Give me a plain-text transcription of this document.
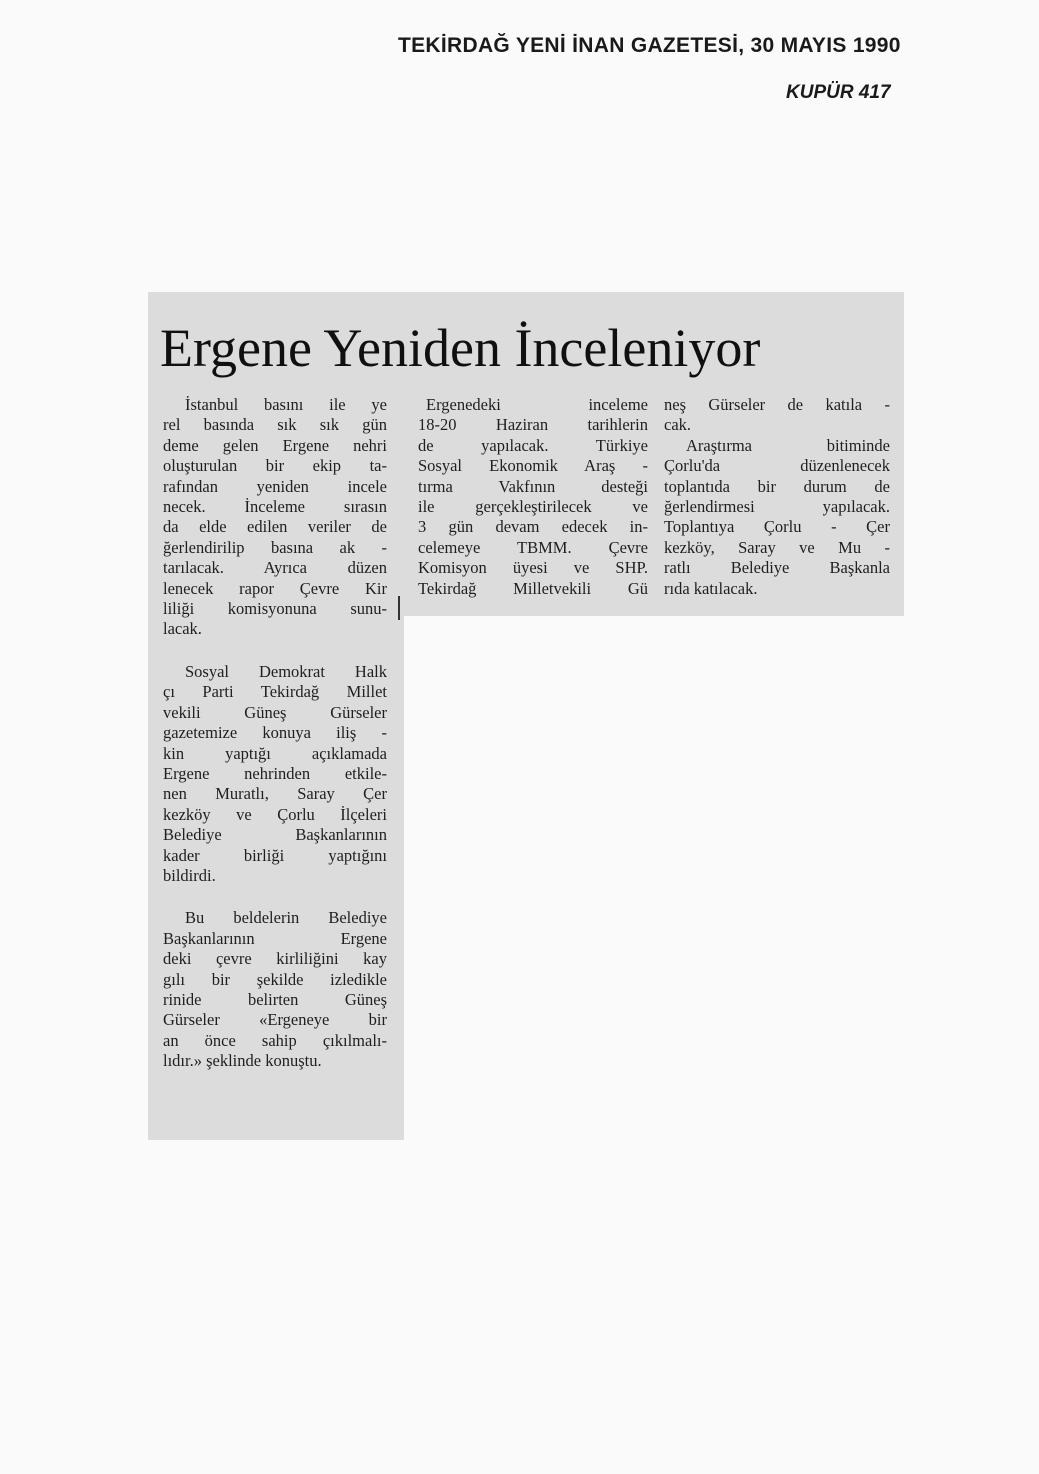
TEKİRDAĞ YENİ İNAN GAZETESİ, 30 MAYIS 1990
KUPÜR 417
Ergene Yeniden İnceleniyor
İstanbul basını ile ye
rel basında sık sık gün
deme gelen Ergene nehri
oluşturulan bir ekip ta-
rafından yeniden incele
necek. İnceleme sırasın
da elde edilen veriler de
ğerlendirilip basına ak -
tarılacak. Ayrıca düzen
lenecek rapor Çevre Kir
liliği komisyonuna sunu-
lacak.
Sosyal Demokrat Halk
çı Parti Tekirdağ Millet
vekili Güneş Gürseler
gazetemize konuya iliş -
kin yaptığı açıklamada
Ergene nehrinden etkile-
nen Muratlı, Saray Çer
kezköy ve Çorlu İlçeleri
Belediye Başkanlarının
kader birliği yaptığını
bildirdi.
Bu beldelerin Belediye
Başkanlarının Ergene
deki çevre kirliliğini kay
gılı bir şekilde izledikle
rinide belirten Güneş
Gürseler «Ergeneye bir
an önce sahip çıkılmalı-
lıdır.» şeklinde konuştu.
Ergenedeki inceleme
18-20 Haziran tarihlerin
de yapılacak. Türkiye
Sosyal Ekonomik Araş -
tırma Vakfının desteği
ile gerçekleştirilecek ve
3 gün devam edecek in-
celemeye TBMM. Çevre
Komisyon üyesi ve SHP.
Tekirdağ Milletvekili Gü
neş Gürseler de katıla -
cak.
Araştırma bitiminde
Çorlu'da düzenlenecek
toplantıda bir durum de
ğerlendirmesi yapılacak.
Toplantıya Çorlu - Çer
kezköy, Saray ve Mu -
ratlı Belediye Başkanla
rıda katılacak.
